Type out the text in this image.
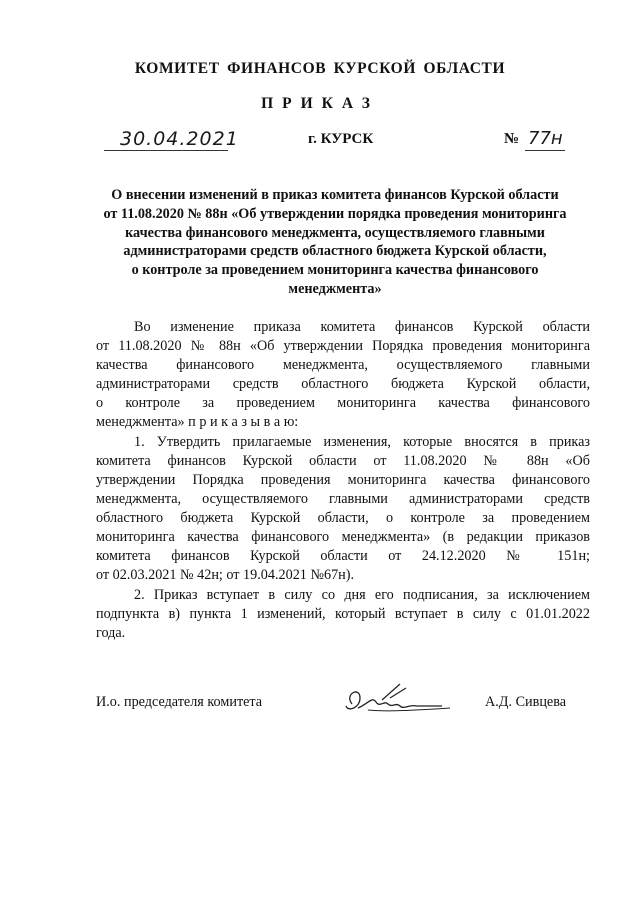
КОМИТЕТ ФИНАНСОВ КУРСКОЙ ОБЛАСТИ
ПРИКАЗ
30.04.2021	г. КУРСК	№ 77н
О внесении изменений в приказ комитета финансов Курской области
от 11.08.2020 № 88н «Об утверждении порядка проведения мониторинга
качества финансового менеджмента, осуществляемого главными
администраторами средств областного бюджета Курской области,
о контроле за проведением мониторинга качества финансового
менеджмента»
Во изменение приказа комитета финансов Курской области
от 11.08.2020 № 88н «Об утверждении Порядка проведения мониторинга
качества финансового менеджмента, осуществляемого главными
администраторами средств областного бюджета Курской области,
о контроле за проведением мониторинга качества финансового
менеджмента» п р и к а з ы в а ю:
1. Утвердить прилагаемые изменения, которые вносятся в приказ
комитета финансов Курской области от 11.08.2020 № 88н «Об
утверждении Порядка проведения мониторинга качества финансового
менеджмента, осуществляемого главными администраторами средств
областного бюджета Курской области, о контроле за проведением
мониторинга качества финансового менеджмента» (в редакции приказов
комитета финансов Курской области от 24.12.2020 № 151н;
от 02.03.2021 № 42н; от 19.04.2021 №67н).
2. Приказ вступает в силу со дня его подписания, за исключением
подпункта в) пункта 1 изменений, который вступает в силу с 01.01.2022
года.
И.о. председателя комитета	А.Д. Сивцева
